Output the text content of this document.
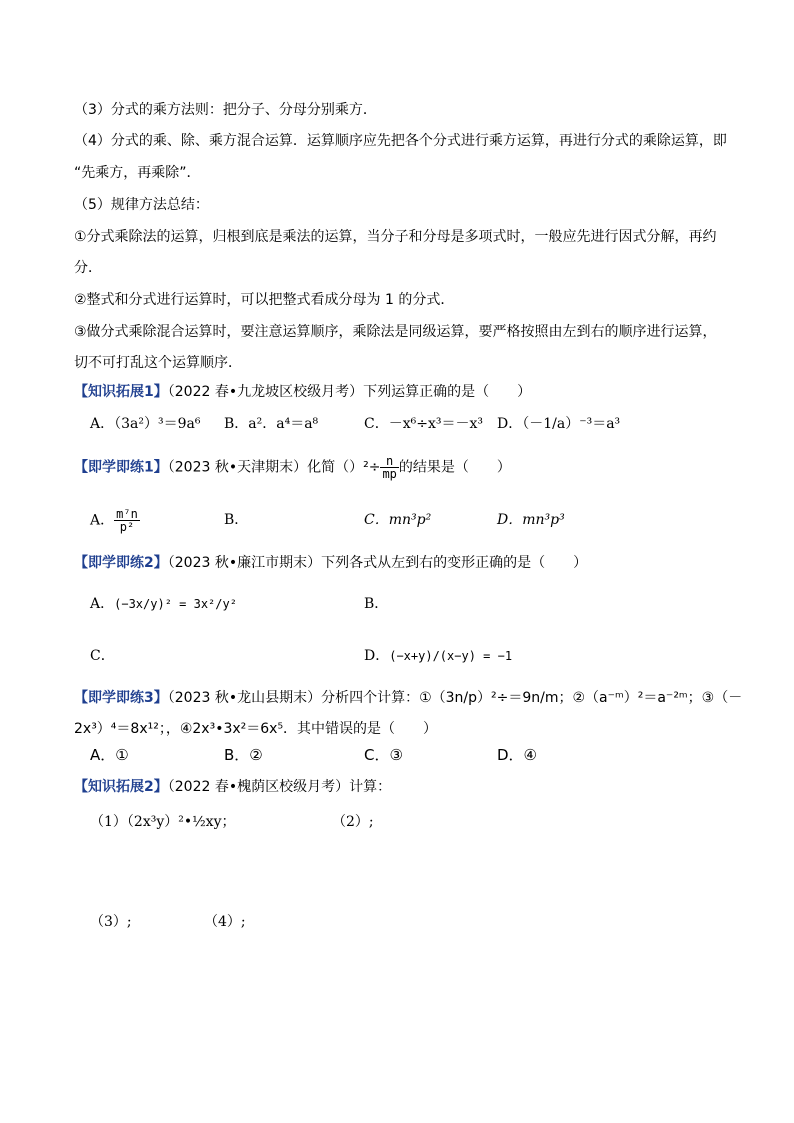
（3）分式的乘方法则：把分子、分母分别乘方．
（4）分式的乘、除、乘方混合运算．运算顺序应先把各个分式进行乘方运算，再进行分式的乘除运算，即
“先乘方，再乘除”．
（5）规律方法总结：
①分式乘除法的运算，归根到底是乘法的运算，当分子和分母是多项式时，一般应先进行因式分解，再约
分．
②整式和分式进行运算时，可以把整式看成分母为 1 的分式．
③做分式乘除混合运算时，要注意运算顺序，乘除法是同级运算，要严格按照由左到右的顺序进行运算，
切不可打乱这个运算顺序．
【知识拓展1】（2022 春•九龙坡区校级月考）下列运算正确的是（　　）
A．（3a²）³＝9a⁶ B．a²．a⁴＝a⁸	C．－x⁶÷x³＝－x³ D．（－1/a）⁻³＝a³
【即学即练1】（2023 秋•天津期末）化简$()^2\div \frac{n}{mp}$ 的结果是（　　）
A． $\frac{\text{m⁷n}}{\text{p²}}$	B．	C．mn³p²	D．mn³p³
【即学即练2】（2023 秋•廉江市期末）下列各式从左到右的变形正确的是（　　）
A．(−3x/y)² = 3x²/y²	B．
C．	D．(−x+y)/(x−y) = −1
【即学即练3】（2023 秋•龙山县期末）分析四个计算：①（3n/p）²÷＝9n/m；②（a⁻ᵐ）²＝a⁻²ᵐ；③（－
2x³）⁴＝8x¹²；，④2x³•3x²＝6x⁵．其中错误的是（　　）
A．①	B．②	C．③	D．④
【知识拓展2】（2022 春•槐荫区校级月考）计算：
（1）（2x³y）²•½xy；	（2）;
（3）;	（4）;
